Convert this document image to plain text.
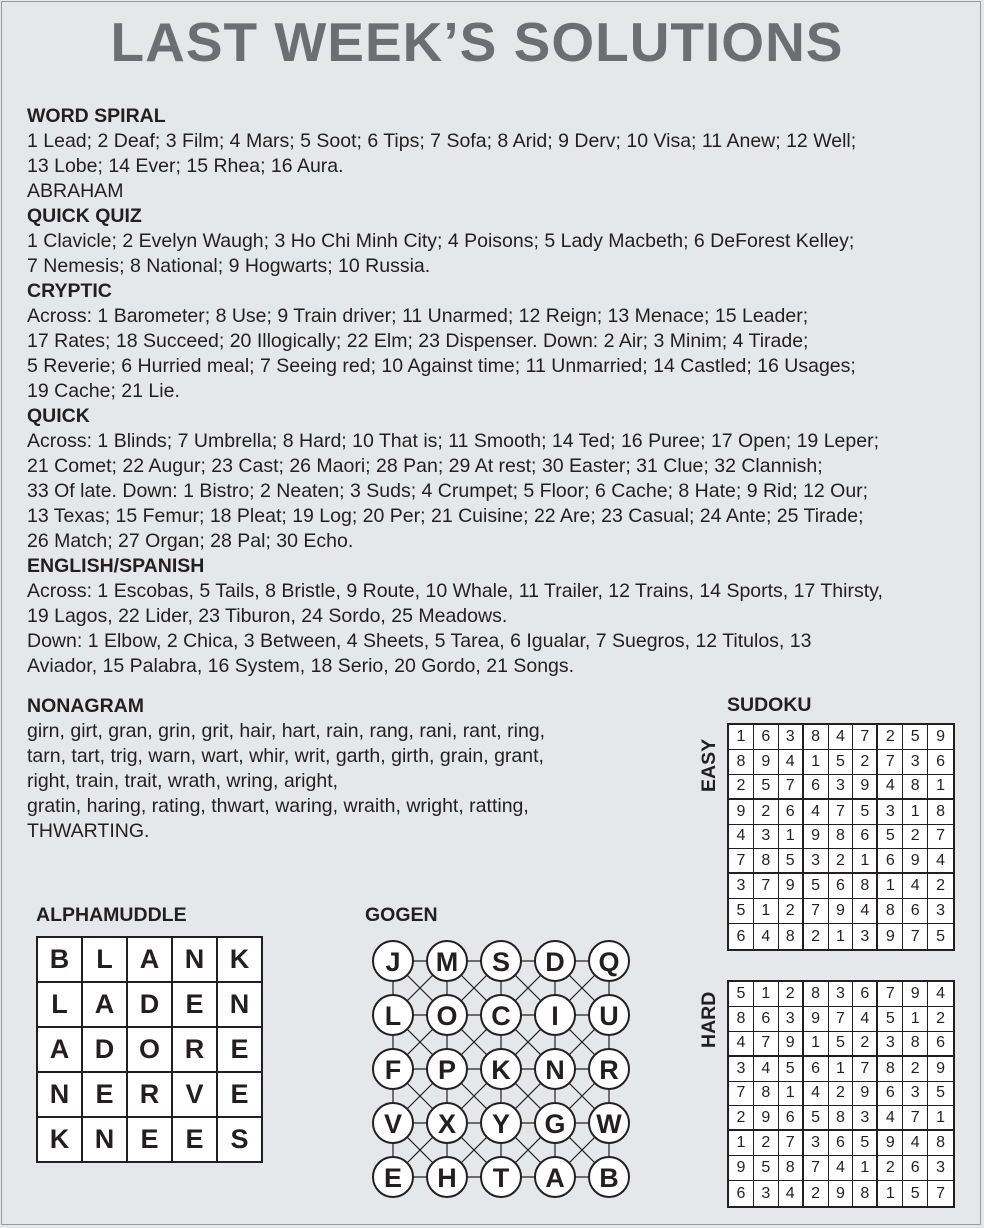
LAST WEEK’S SOLUTIONS
WORD SPIRAL
1 Lead; 2 Deaf; 3 Film; 4 Mars; 5 Soot; 6 Tips; 7 Sofa; 8 Arid; 9 Derv; 10 Visa; 11 Anew; 12 Well;
13 Lobe; 14 Ever; 15 Rhea; 16 Aura.
ABRAHAM
QUICK QUIZ
1 Clavicle; 2 Evelyn Waugh; 3 Ho Chi Minh City; 4 Poisons; 5 Lady Macbeth; 6 DeForest Kelley;
7 Nemesis; 8 National; 9 Hogwarts; 10 Russia.
CRYPTIC
Across: 1 Barometer; 8 Use; 9 Train driver; 11 Unarmed; 12 Reign; 13 Menace; 15 Leader;
17 Rates; 18 Succeed; 20 Illogically; 22 Elm; 23 Dispenser. Down: 2 Air; 3 Minim; 4 Tirade;
5 Reverie; 6 Hurried meal; 7 Seeing red; 10 Against time; 11 Unmarried; 14 Castled; 16 Usages;
19 Cache; 21 Lie.
QUICK
Across: 1 Blinds; 7 Umbrella; 8 Hard; 10 That is; 11 Smooth; 14 Ted; 16 Puree; 17 Open; 19 Leper;
21 Comet; 22 Augur; 23 Cast; 26 Maori; 28 Pan; 29 At rest; 30 Easter; 31 Clue; 32 Clannish;
33 Of late. Down: 1 Bistro; 2 Neaten; 3 Suds; 4 Crumpet; 5 Floor; 6 Cache; 8 Hate; 9 Rid; 12 Our;
13 Texas; 15 Femur; 18 Pleat; 19 Log; 20 Per; 21 Cuisine; 22 Are; 23 Casual; 24 Ante; 25 Tirade;
26 Match; 27 Organ; 28 Pal; 30 Echo.
ENGLISH/SPANISH
Across: 1 Escobas, 5 Tails, 8 Bristle, 9 Route, 10 Whale, 11 Trailer, 12 Trains, 14 Sports, 17 Thirsty,
19 Lagos, 22 Lider, 23 Tiburon, 24 Sordo, 25 Meadows.
Down: 1 Elbow, 2 Chica, 3 Between, 4 Sheets, 5 Tarea, 6 Igualar, 7 Suegros, 12 Titulos, 13
Aviador, 15 Palabra, 16 System, 18 Serio, 20 Gordo, 21 Songs.
NONAGRAM
girn, girt, gran, grin, grit, hair, hart, rain, rang, rani, rant, ring,
tarn, tart, trig, warn, wart, whir, writ, garth, girth, grain, grant,
right, train, trait, wrath, wring, aright,
gratin, haring, rating, thwart, waring, wraith, wright, ratting,
THWARTING.
ALPHAMUDDLE
B	L	A N K
L	A D E N
A D O R E
N E R V E
K N E E S
GOGEN
J M S D Q
L O C I U
F P K N R
V X Y G W
E H T A B
SUDOKU
EASY
1 6 3	8 4 7	2 5	9
8 9 4	1 5 2	7 3	6
2 5 7	6 3 9	4 8	1
9 2 6	4 7 5	3 1	8
4 3 1	9 8 6	5 2	7
7 8 5	3 2 1	6 9	4
3 7 9	5 6 8	1 4	2
5 1 2	7 9 4	8 6	3
6 4 8	2 1 3	9 7	5
HARD	5 1 2	8 3 6	7 9	4
8 6 3	9 7 4	5 1	2
4 7 9	1 5 2	3 8	6
3 4 5	6 1 7	8 2	9
7 8 1	4 2 9	6 3	5
2 9 6	5 8 3	4 7	1
1 2 7	3 6 5	9 4	8
9 5 8	7 4 1	2 6	3
6 3 4	2 9 8	1 5	7
